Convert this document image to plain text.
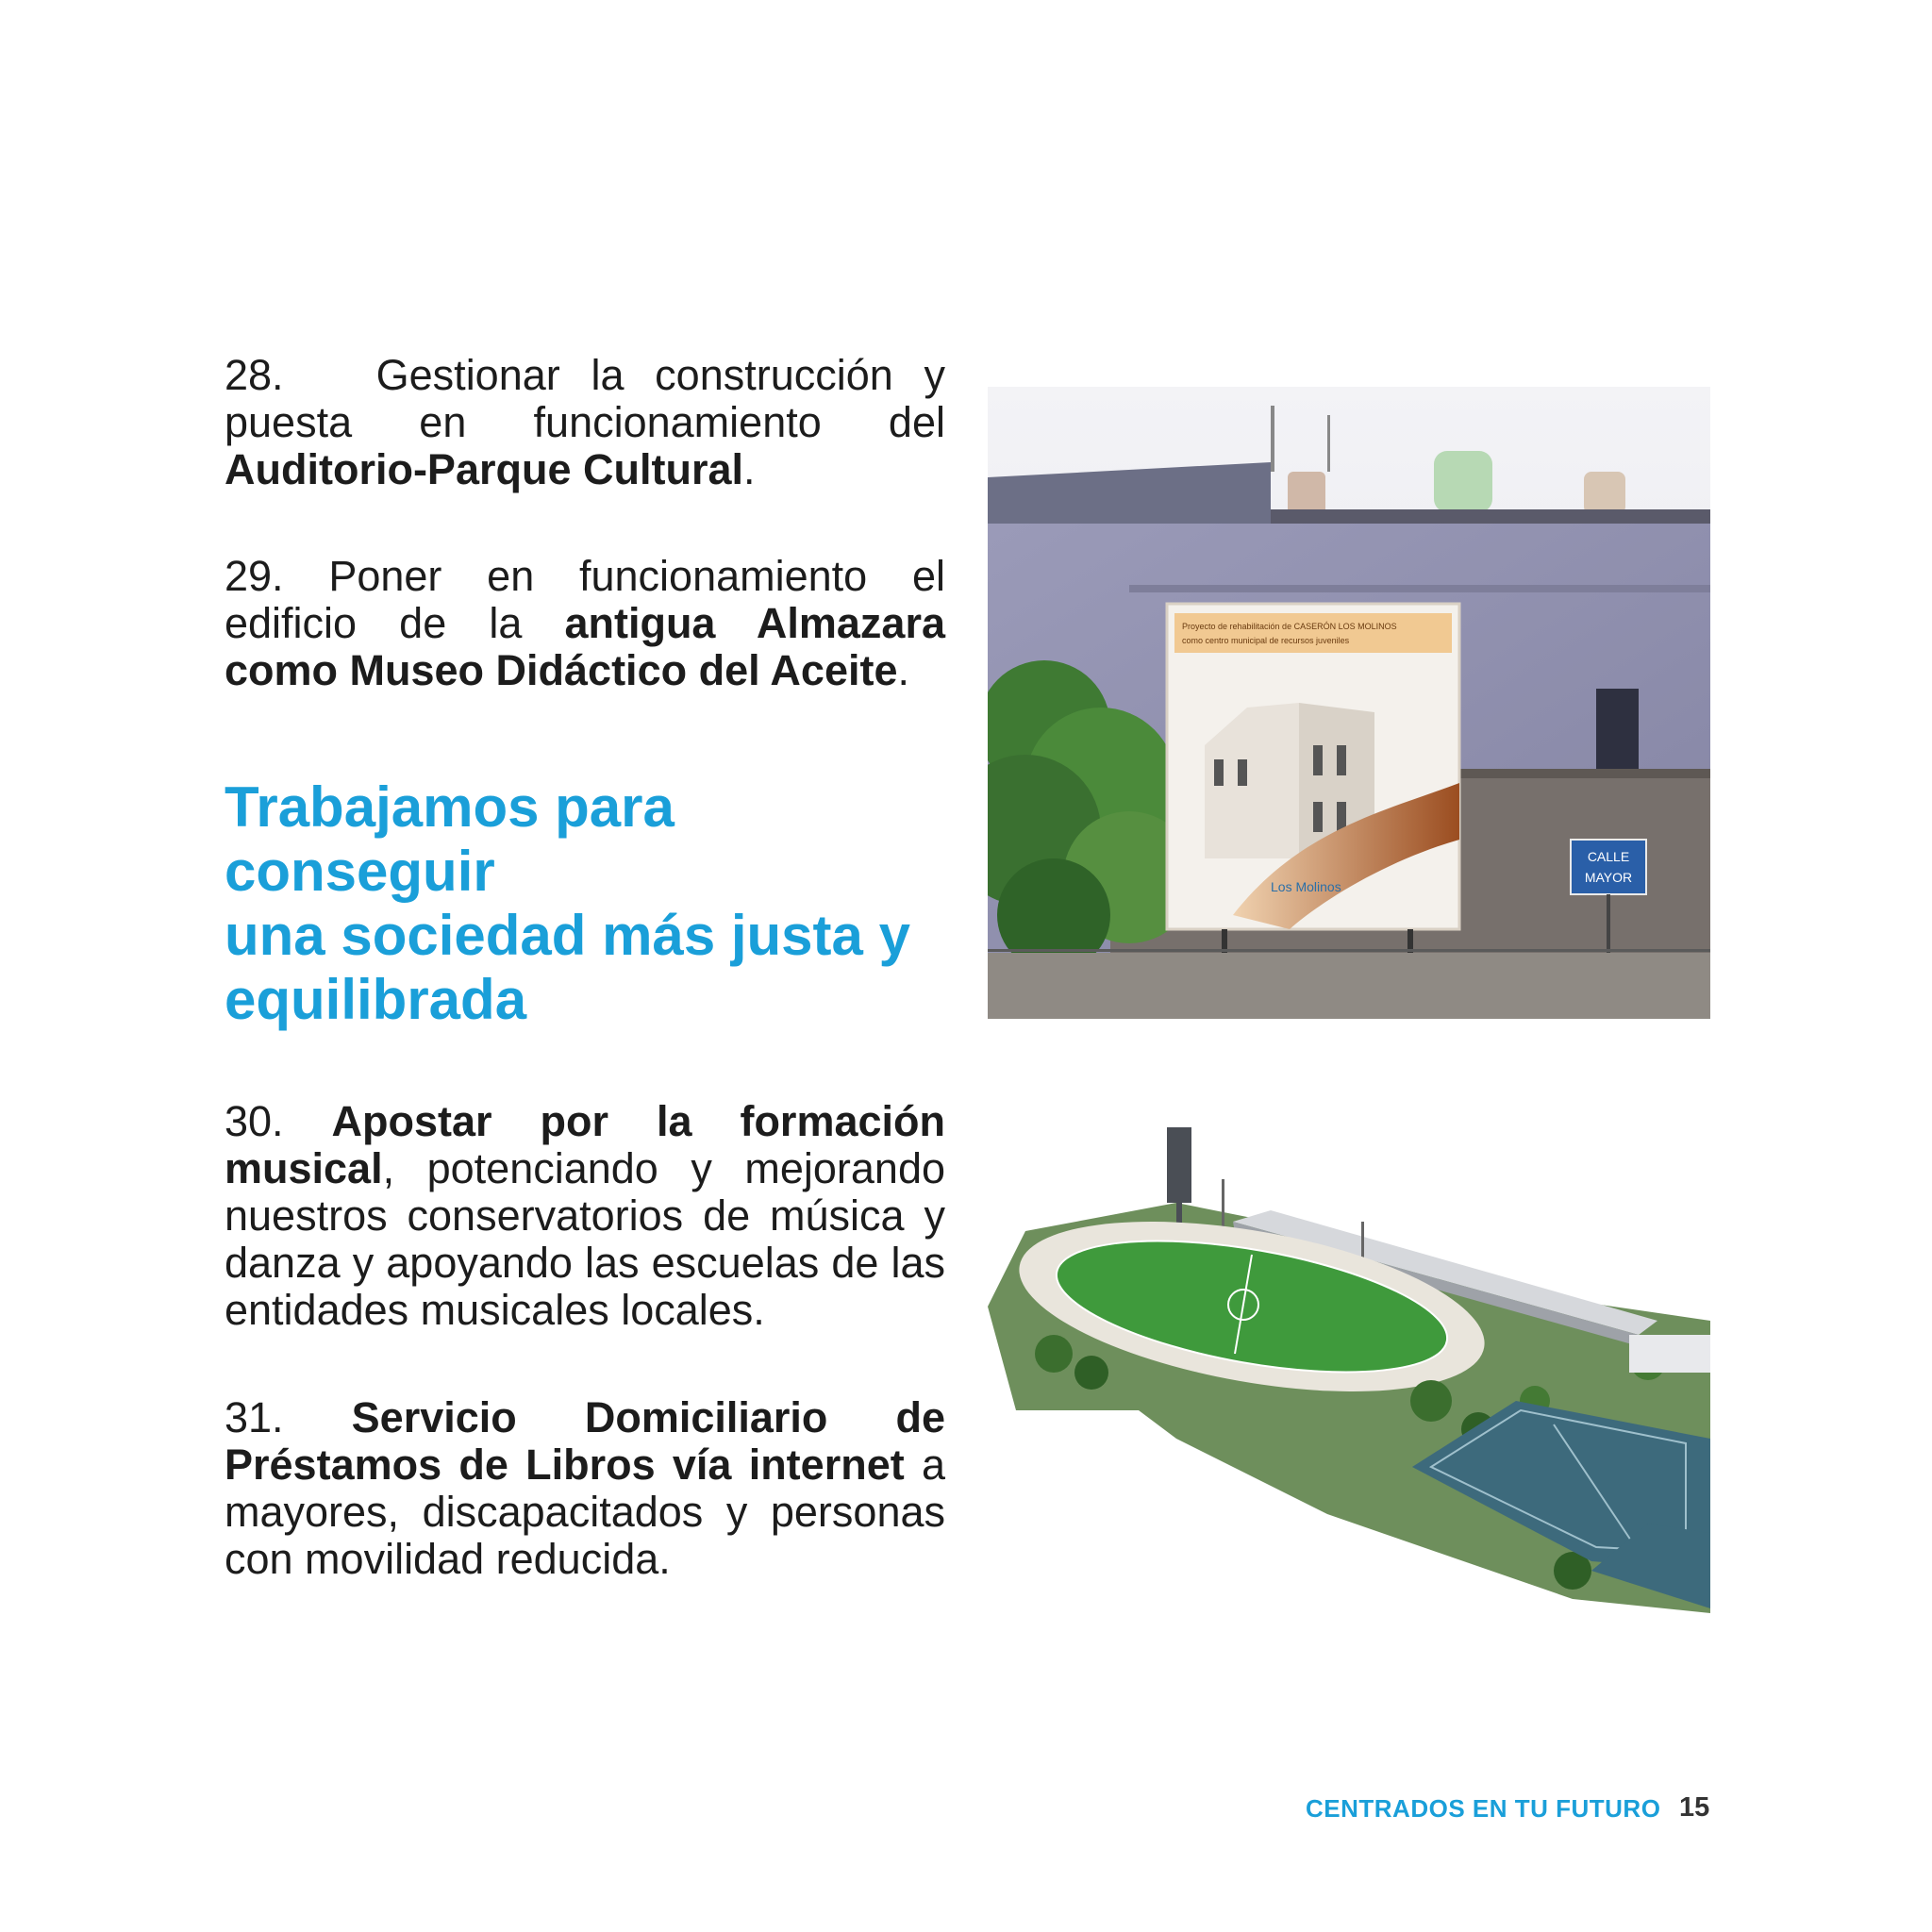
28. Gestionar la construcción y puesta en funcionamiento del Auditorio-Parque Cultural.

29. Poner en funcionamiento el edificio de la antigua Almazara como Museo Didáctico del Aceite.

Trabajamos para conseguir
una sociedad más justa y
equilibrada

30. Apostar por la formación musical, potenciando y mejorando nuestros conservatorios de música y danza y apoyando las escuelas de las entidades musicales locales.

31. Servicio Domiciliario de Préstamos de Libros vía internet a mayores, discapacitados y personas con movilidad reducida.

Proyecto de rehabilitación de CASERÓN LOS MOLINOS
como centro municipal de recursos juveniles
Los Molinos
CALLE
MAYOR
CENTRADOS EN TU FUTURO 15
